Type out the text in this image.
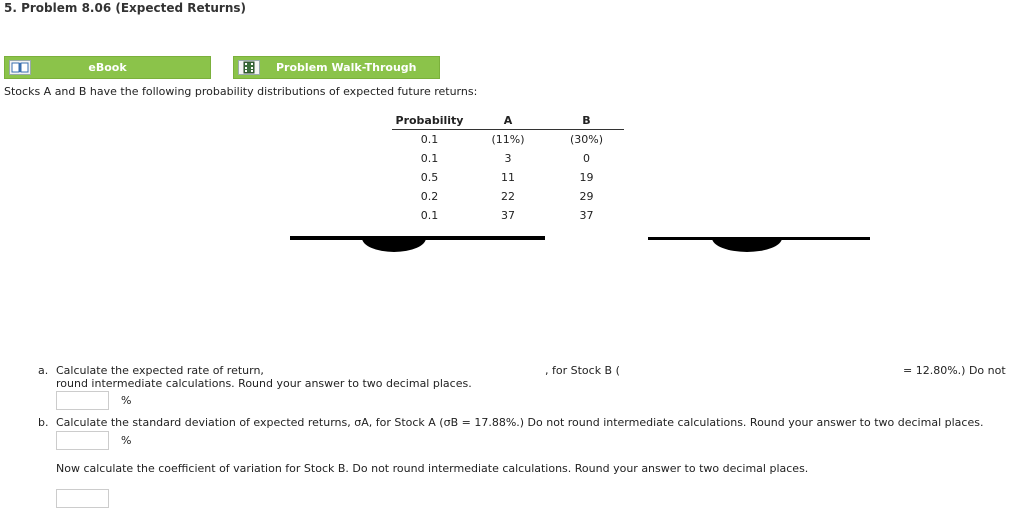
5. Problem 8.06 (Expected Returns)
eBook	Problem Walk-Through
Stocks A and B have the following probability distributions of expected future returns:
Probability	A	B
0.1	(11%)	(30%)
0.1	3	0
0.5	11	19
0.2	22	29
0.1	37	37
a. Calculate the expected rate of return,	, for Stock B (	= 12.80%.) Do not
round intermediate calculations. Round your answer to two decimal places.
%
b. Calculate the standard deviation of expected returns, σA, for Stock A (σB = 17.88%.) Do not round intermediate calculations. Round your answer to two decimal places.
%
Now calculate the coefficient of variation for Stock B. Do not round intermediate calculations. Round your answer to two decimal places.
